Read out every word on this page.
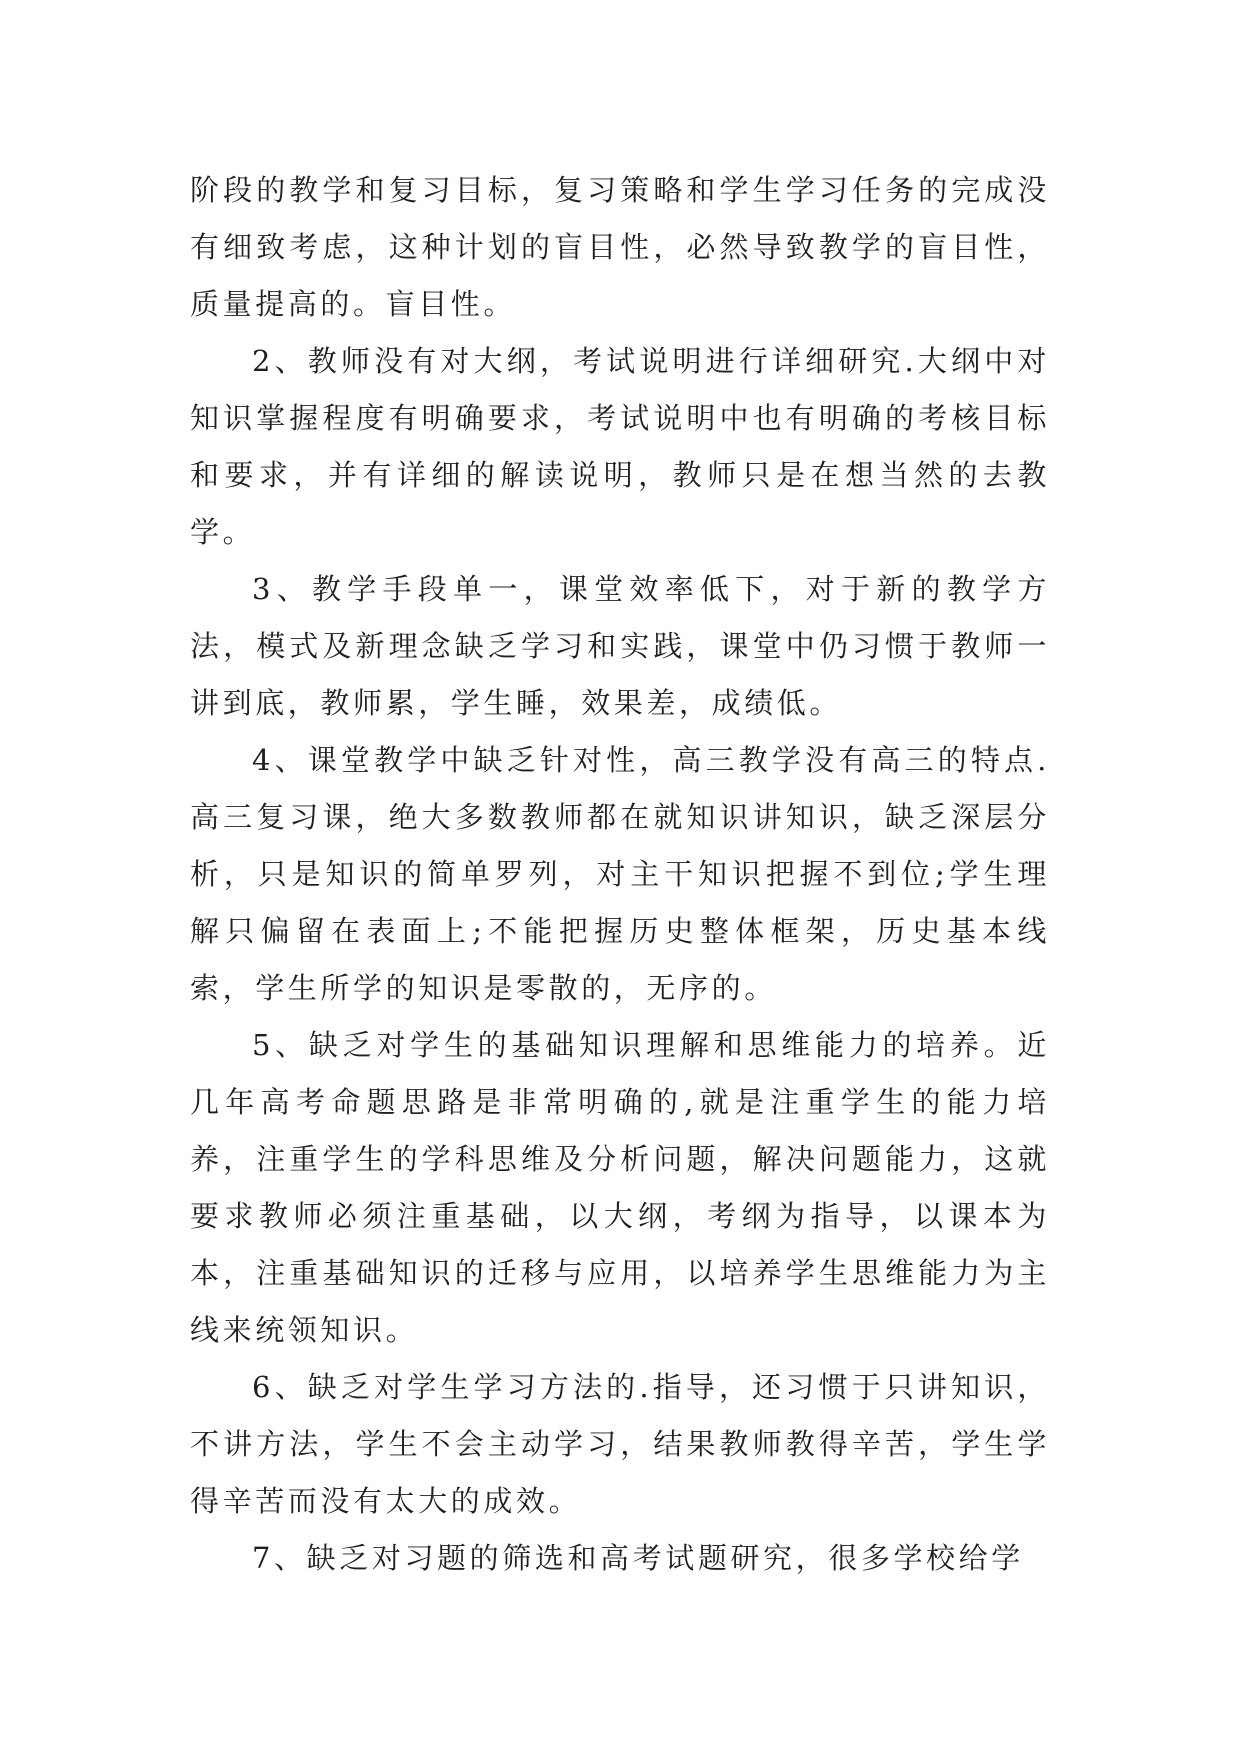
阶段的教学和复习目标，复习策略和学生学习任务的完成没有细致考虑，这种计划的盲目性，必然导致教学的盲目性，质量提高的。盲目性。

2、教师没有对大纲，考试说明进行详细研究.大纲中对知识掌握程度有明确要求，考试说明中也有明确的考核目标和要求，并有详细的解读说明，教师只是在想当然的去教学。

3、教学手段单一，课堂效率低下，对于新的教学方法，模式及新理念缺乏学习和实践，课堂中仍习惯于教师一讲到底，教师累，学生睡，效果差，成绩低。

4、课堂教学中缺乏针对性，高三教学没有高三的特点.高三复习课，绝大多数教师都在就知识讲知识，缺乏深层分析，只是知识的简单罗列，对主干知识把握不到位;学生理解只偏留在表面上;不能把握历史整体框架，历史基本线索，学生所学的知识是零散的，无序的。

5、缺乏对学生的基础知识理解和思维能力的培养。近几年高考命题思路是非常明确的,就是注重学生的能力培养，注重学生的学科思维及分析问题，解决问题能力，这就要求教师必须注重基础，以大纲，考纲为指导，以课本为本，注重基础知识的迁移与应用，以培养学生思维能力为主线来统领知识。

6、缺乏对学生学习方法的.指导，还习惯于只讲知识，不讲方法，学生不会主动学习，结果教师教得辛苦，学生学得辛苦而没有太大的成效。

7、缺乏对习题的筛选和高考试题研究，很多学校给学
